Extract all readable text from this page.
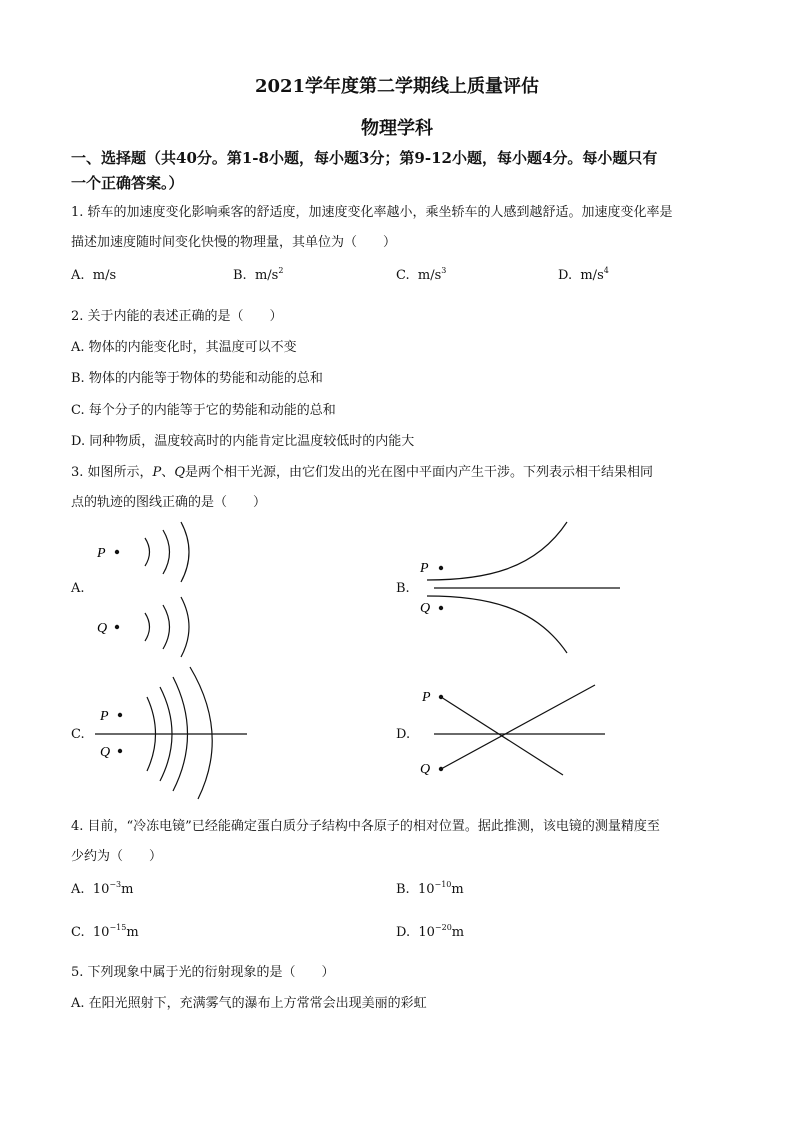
2021学年度第二学期线上质量评估
物理学科
一、选择题（共40分。第1-8小题，每小题3分；第9-12小题，每小题4分。每小题只有
一个正确答案。）
1. 轿车的加速度变化影响乘客的舒适度，加速度变化率越小，乘坐轿车的人感到越舒适。加速度变化率是
描述加速度随时间变化快慢的物理量，其单位为（　　）
A. m/s	B. $m/s^2$	C. $m/s^3$	D. $m/s^4$
2. 关于内能的表述正确的是（　　）
A. 物体的内能变化时，其温度可以不变
B. 物体的内能等于物体的势能和动能的总和
C. 每个分子的内能等于它的势能和动能的总和
D. 同种物质，温度较高时的内能肯定比温度较低时的内能大
3. 如图所示，P、Q是两个相干光源，由它们发出的光在图中平面内产生干涉。下列表示相干结果相同
点的轨迹的图线正确的是（　　）
A.	B.
C.	D.
P
Q
P
Q
P
Q
P
Q
4. 目前，“冷冻电镜”已经能确定蛋白质分子结构中各原子的相对位置。据此推测，该电镜的测量精度至
少约为（　　）
A. $10^{-3}m$	B. $10^{-10}m$
C. $10^{-15}m$	D. $10^{-20}m$
5. 下列现象中属于光的衍射现象的是（　　）
A. 在阳光照射下，充满雾气的瀑布上方常常会出现美丽的彩虹
